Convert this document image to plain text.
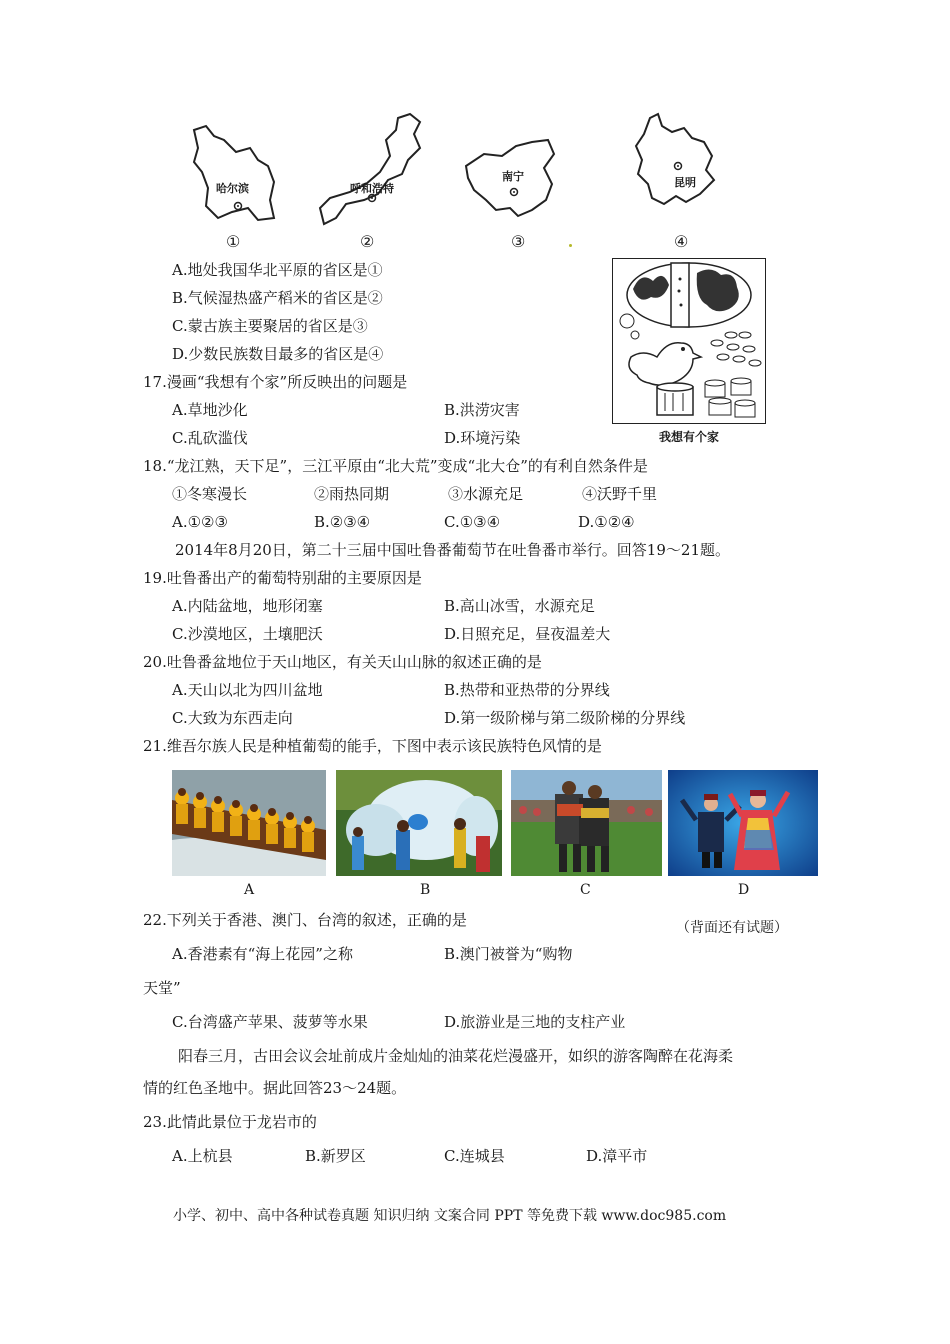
哈尔滨	呼和浩特
南宁	昆明
①	②	③	④
A.地处我国华北平原的省区是①
B.气候湿热盛产稻米的省区是②
C.蒙古族主要聚居的省区是③
D.少数民族数目最多的省区是④
我想有个家
17.漫画“我想有个家”所反映出的问题是
A.草地沙化	B.洪涝灾害
C.乱砍滥伐	D.环境污染
18.“龙江熟，天下足”，三江平原由“北大荒”变成“北大仓”的有利自然条件是
①冬寒漫长	②雨热同期	③水源充足	④沃野千里
A.①②③	B.②③④	C.①③④	D.①②④
2014年8月20日，第二十三届中国吐鲁番葡萄节在吐鲁番市举行。回答19～21题。
19.吐鲁番出产的葡萄特别甜的主要原因是
A.内陆盆地，地形闭塞	B.高山冰雪，水源充足
C.沙漠地区，土壤肥沃	D.日照充足，昼夜温差大
20.吐鲁番盆地位于天山地区，有关天山山脉的叙述正确的是
A.天山以北为四川盆地	B.热带和亚热带的分界线
C.大致为东西走向	D.第一级阶梯与第二级阶梯的分界线
21.维吾尔族人民是种植葡萄的能手，下图中表示该民族特色风情的是
A	B	C	D
22.下列关于香港、澳门、台湾的叙述，正确的是	（背面还有试题）
A.香港素有“海上花园”之称	B.澳门被誉为“购物
天堂”
C.台湾盛产苹果、菠萝等水果	D.旅游业是三地的支柱产业
阳春三月，古田会议会址前成片金灿灿的油菜花烂漫盛开，如织的游客陶醉在花海柔
情的红色圣地中。据此回答23～24题。
23.此情此景位于龙岩市的
A.上杭县	B.新罗区	C.连城县	D.漳平市
小学、初中、高中各种试卷真题 知识归纳 文案合同 PPT 等免费下载 www.doc985.com
